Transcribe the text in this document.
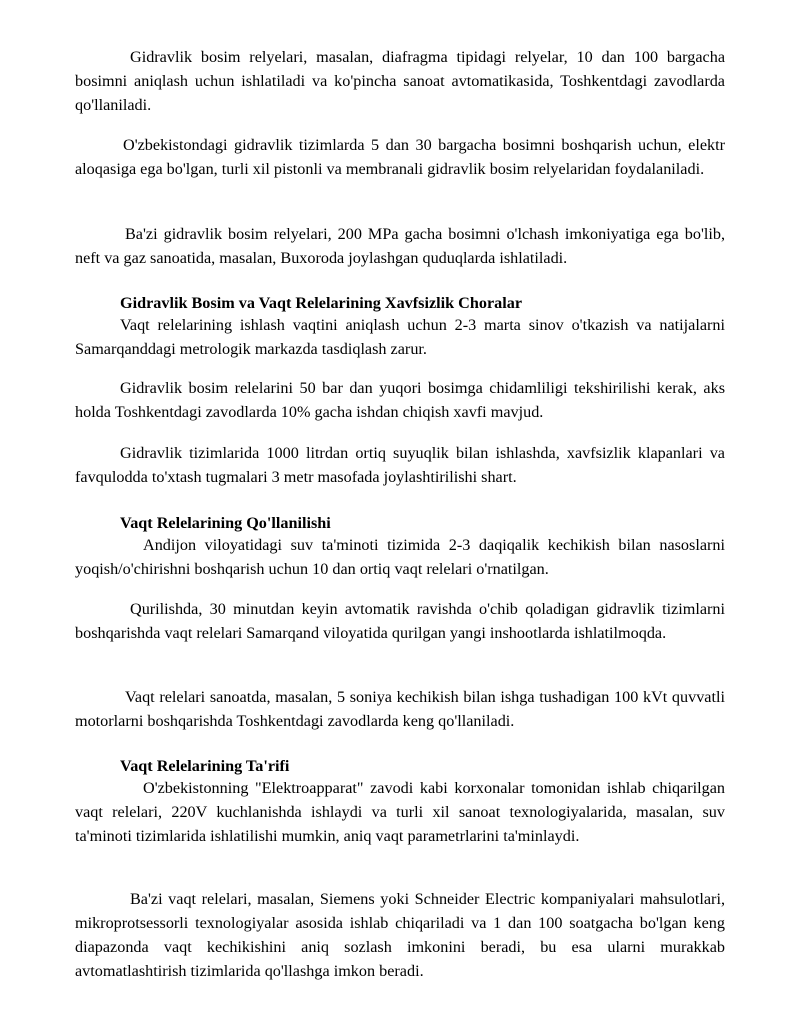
Gidravlik bosim relyelari, masalan, diafragma tipidagi relyelar, 10 dan 100 bargacha bosimni aniqlash uchun ishlatiladi va ko'pincha sanoat avtomatikasida, Toshkentdagi zavodlarda qo'llaniladi.

O'zbekistondagi gidravlik tizimlarda 5 dan 30 bargacha bosimni boshqarish uchun, elektr aloqasiga ega bo'lgan, turli xil pistonli va membranali gidravlik bosim relyelaridan foydalaniladi.

Ba'zi gidravlik bosim relyelari, 200 MPa gacha bosimni o'lchash imkoniyatiga ega bo'lib, neft va gaz sanoatida, masalan, Buxoroda joylashgan quduqlarda ishlatiladi.

Gidravlik Bosim va Vaqt Relelarining Xavfsizlik Choralar

Vaqt relelarining ishlash vaqtini aniqlash uchun 2-3 marta sinov o'tkazish va natijalarni Samarqanddagi metrologik markazda tasdiqlash zarur.

Gidravlik bosim relelarini 50 bar dan yuqori bosimga chidamliligi tekshirilishi kerak, aks holda Toshkentdagi zavodlarda 10% gacha ishdan chiqish xavfi mavjud.

Gidravlik tizimlarida 1000 litrdan ortiq suyuqlik bilan ishlashda, xavfsizlik klapanlari va favqulodda to'xtash tugmalari 3 metr masofada joylashtirilishi shart.

Vaqt Relelarining Qo'llanilishi

Andijon viloyatidagi suv ta'minoti tizimida 2-3 daqiqalik kechikish bilan nasoslarni yoqish/o'chirishni boshqarish uchun 10 dan ortiq vaqt relelari o'rnatilgan.

Qurilishda, 30 minutdan keyin avtomatik ravishda o'chib qoladigan gidravlik tizimlarni boshqarishda vaqt relelari Samarqand viloyatida qurilgan yangi inshootlarda ishlatilmoqda.

Vaqt relelari sanoatda, masalan, 5 soniya kechikish bilan ishga tushadigan 100 kVt quvvatli motorlarni boshqarishda Toshkentdagi zavodlarda keng qo'llaniladi.

Vaqt Relelarining Ta'rifi

O'zbekistonning "Elektroapparat" zavodi kabi korxonalar tomonidan ishlab chiqarilgan vaqt relelari, 220V kuchlanishda ishlaydi va turli xil sanoat texnologiyalarida, masalan, suv ta'minoti tizimlarida ishlatilishi mumkin, aniq vaqt parametrlarini ta'minlaydi.

Ba'zi vaqt relelari, masalan, Siemens yoki Schneider Electric kompaniyalari mahsulotlari, mikroprotsessorli texnologiyalar asosida ishlab chiqariladi va 1 dan 100 soatgacha bo'lgan keng diapazonda vaqt kechikishini aniq sozlash imkonini beradi, bu esa ularni murakkab avtomatlashtirish tizimlarida qo'llashga imkon beradi.
